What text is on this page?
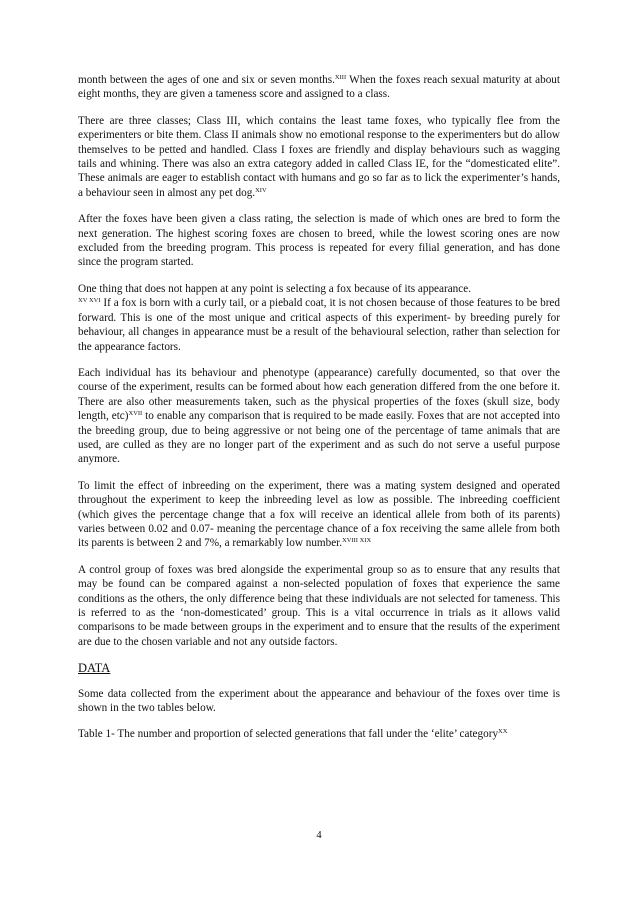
month between the ages of one and six or seven months.$^{XIII}$ When the foxes reach sexual maturity at about eight months, they are given a tameness score and assigned to a class.

There are three classes; Class III, which contains the least tame foxes, who typically flee from the experimenters or bite them. Class II animals show no emotional response to the experimenters but do allow themselves to be petted and handled. Class I foxes are friendly and display behaviours such as wagging tails and whining. There was also an extra category added in called Class IE, for the “domesticated elite”. These animals are eager to establish contact with humans and go so far as to lick the experimenter’s hands, a behaviour seen in almost any pet dog.$^{XIV}$

After the foxes have been given a class rating, the selection is made of which ones are bred to form the next generation. The highest scoring foxes are chosen to breed, while the lowest scoring ones are now excluded from the breeding program. This process is repeated for every filial generation, and has done since the program started.

One thing that does not happen at any point is selecting a fox because of its appearance.
$^{XV XVI}$ If a fox is born with a curly tail, or a piebald coat, it is not chosen because of those features to be bred forward. This is one of the most unique and critical aspects of this experiment- by breeding purely for behaviour, all changes in appearance must be a result of the behavioural selection, rather than selection for the appearance factors.

Each individual has its behaviour and phenotype (appearance) carefully documented, so that over the course of the experiment, results can be formed about how each generation differed from the one before it. There are also other measurements taken, such as the physical properties of the foxes (skull size, body length, etc)$^{XVII}$ to enable any comparison that is required to be made easily. Foxes that are not accepted into the breeding group, due to being aggressive or not being one of the percentage of tame animals that are used, are culled as they are no longer part of the experiment and as such do not serve a useful purpose anymore.

To limit the effect of inbreeding on the experiment, there was a mating system designed and operated throughout the experiment to keep the inbreeding level as low as possible. The inbreeding coefficient (which gives the percentage change that a fox will receive an identical allele from both of its parents) varies between 0.02 and 0.07- meaning the percentage chance of a fox receiving the same allele from both its parents is between 2 and 7%, a remarkably low number.$^{XVIII XIX}$

A control group of foxes was bred alongside the experimental group so as to ensure that any results that may be found can be compared against a non-selected population of foxes that experience the same conditions as the others, the only difference being that these individuals are not selected for tameness. This is referred to as the ‘non-domesticated’ group. This is a vital occurrence in trials as it allows valid comparisons to be made between groups in the experiment and to ensure that the results of the experiment are due to the chosen variable and not any outside factors.

DATA

Some data collected from the experiment about the appearance and behaviour of the foxes over time is shown in the two tables below.

Table 1- The number and proportion of selected generations that fall under the ‘elite’ category$^{XX}$

4
